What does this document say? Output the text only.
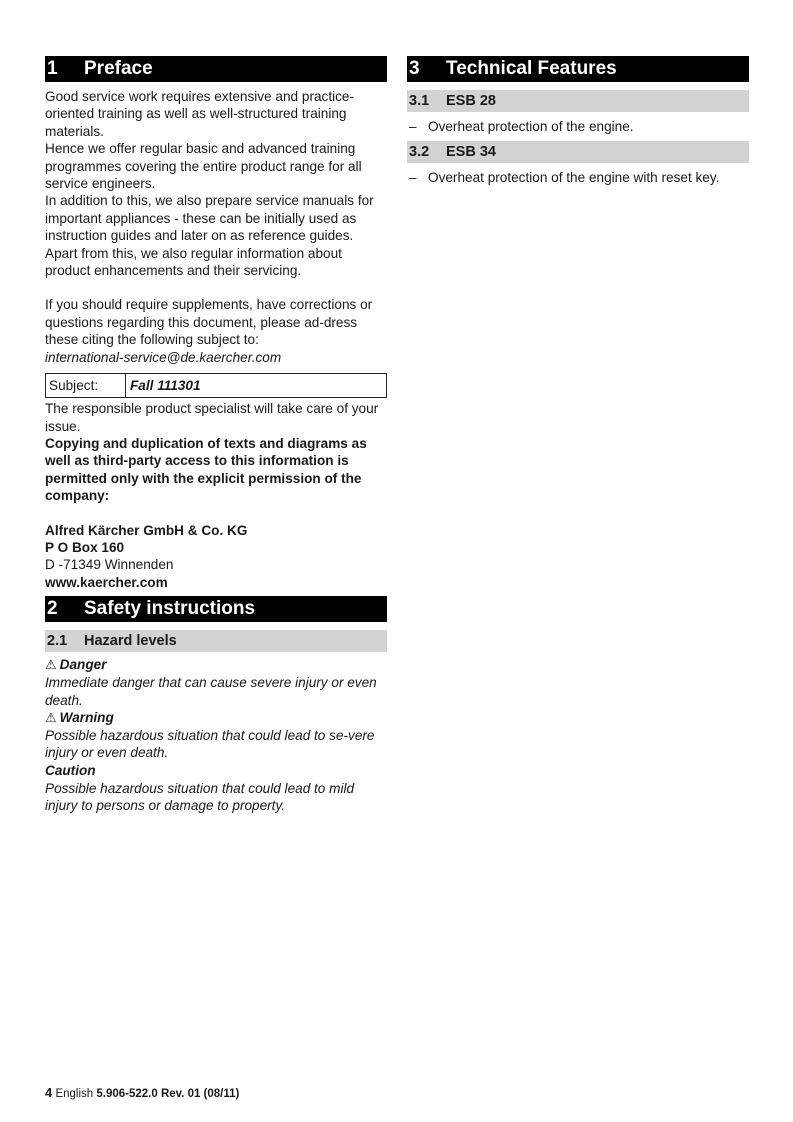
1 Preface

Good service work requires extensive and practice-oriented training as well as well-structured training materials.

Hence we offer regular basic and advanced training programmes covering the entire product range for all service engineers.

In addition to this, we also prepare service manuals for important appliances - these can be initially used as instruction guides and later on as reference guides.

Apart from this, we also regular information about product enhancements and their servicing.

If you should require supplements, have corrections or questions regarding this document, please ad-dress these citing the following subject to:

international-service@de.kaercher.com

Subject:	Fall 111301

The responsible product specialist will take care of your issue.

Copying and duplication of texts and diagrams as well as third-party access to this information is permitted only with the explicit permission of the company:

Alfred Kärcher GmbH & Co. KG

P O Box 160

D -71349 Winnenden

www.kaercher.com

2 Safety instructions
2.1 Hazard levels
⚠ Danger
Immediate danger that can cause severe injury or even death.
⚠ Warning
Possible hazardous situation that could lead to se-vere injury or even death.
Caution
Possible hazardous situation that could lead to mild injury to persons or damage to property.
3 Technical Features
3.1 ESB 28
– Overheat protection of the engine.
3.2 ESB 34
– Overheat protection of the engine with reset key.
4 English 5.906-522.0 Rev. 01 (08/11)
